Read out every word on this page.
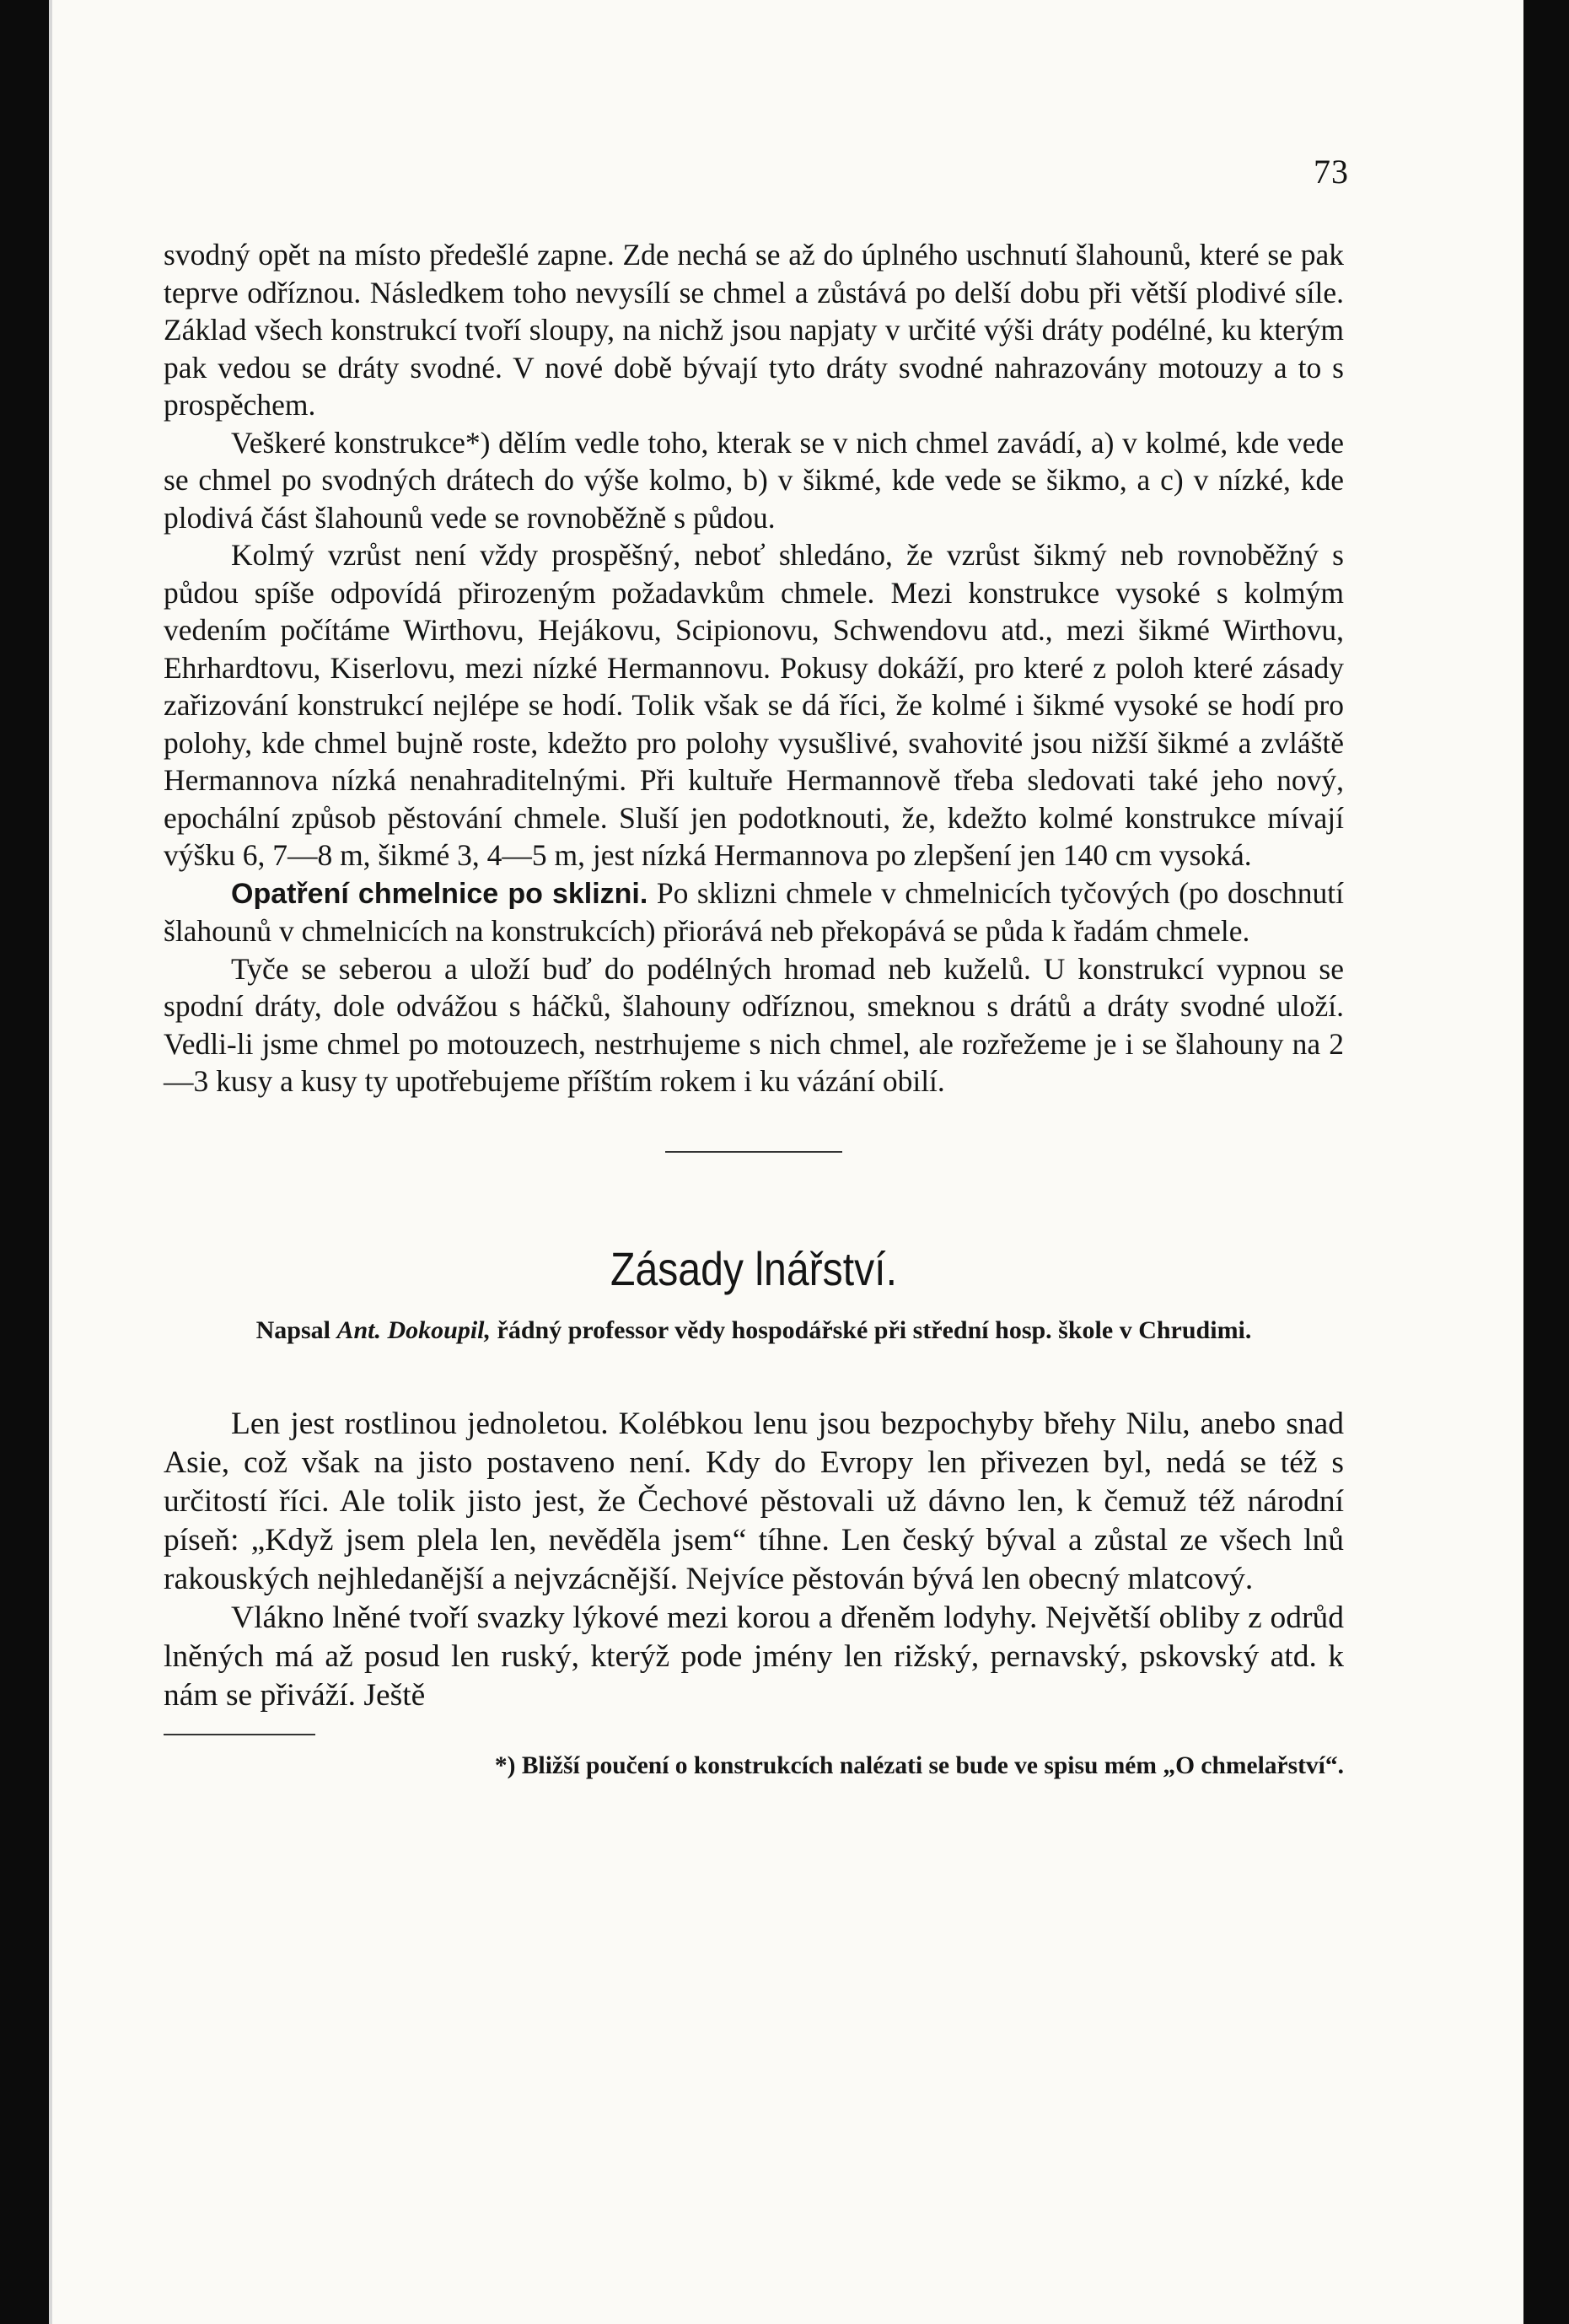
73

svodný opět na místo předešlé zapne. Zde nechá se až do úplného uschnutí šlahounů, které se pak teprve odříznou. Následkem toho nevysílí se chmel a zůstává po delší dobu při větší plodivé síle. Základ všech konstrukcí tvoří sloupy, na nichž jsou napjaty v určité výši dráty podélné, ku kterým pak vedou se dráty svodné. V nové době bývají tyto dráty svodné nahrazovány motouzy a to s prospěchem.

Veškeré konstrukce*) dělím vedle toho, kterak se v nich chmel zavádí, a) v kolmé, kde vede se chmel po svodných drátech do výše kolmo, b) v šikmé, kde vede se šikmo, a c) v nízké, kde plodivá část šlahounů vede se rovnoběžně s půdou.

Kolmý vzrůst není vždy prospěšný, neboť shledáno, že vzrůst šikmý neb rovnoběžný s půdou spíše odpovídá přirozeným požadavkům chmele. Mezi konstrukce vysoké s kolmým vedením počítáme Wirthovu, Hejákovu, Scipionovu, Schwendovu atd., mezi šikmé Wirthovu, Ehrhardtovu, Kiserlovu, mezi nízké Hermannovu. Pokusy dokáží, pro které z poloh které zásady zařizování konstrukcí nejlépe se hodí. Tolik však se dá říci, že kolmé i šikmé vysoké se hodí pro polohy, kde chmel bujně roste, kdežto pro polohy vysušlivé, svahovité jsou nižší šikmé a zvláště Hermannova nízká nenahraditelnými. Při kultuře Hermannově třeba sledovati také jeho nový, epochální způsob pěstování chmele. Sluší jen podotknouti, že, kdežto kolmé konstrukce mívají výšku 6, 7—8 m, šikmé 3, 4—5 m, jest nízká Hermannova po zlepšení jen 140 cm vysoká.

Opatření chmelnice po sklizni. Po sklizni chmele v chmelnicích tyčových (po doschnutí šlahounů v chmelnicích na konstrukcích) přiorává neb překopává se půda k řadám chmele.

Tyče se seberou a uloží buď do podélných hromad neb kuželů. U konstrukcí vypnou se spodní dráty, dole odvážou s háčků, šlahouny odříznou, smeknou s drátů a dráty svodné uloží. Vedli-li jsme chmel po motouzech, nestrhujeme s nich chmel, ale rozřežeme je i se šlahouny na 2—3 kusy a kusy ty upotřebujeme příštím rokem i ku vázání obilí.

Zásady lnářství.
Napsal Ant. Dokoupil, řádný professor vědy hospodářské při střední hosp. škole v Chrudimi.

Len jest rostlinou jednoletou. Kolébkou lenu jsou bezpochyby břehy Nilu, anebo snad Asie, což však na jisto postaveno není. Kdy do Evropy len přivezen byl, nedá se též s určitostí říci. Ale tolik jisto jest, že Čechové pěstovali už dávno len, k čemuž též národní píseň: „Když jsem plela len, nevěděla jsem“ tíhne. Len český býval a zůstal ze všech lnů rakouských nejhledanější a nejvzácnější. Nejvíce pěstován bývá len obecný mlatcový.

Vlákno lněné tvoří svazky lýkové mezi korou a dřeněm lodyhy. Největší obliby z odrůd lněných má až posud len ruský, kterýž pode jmény len rižský, pernavský, pskovský atd. k nám se přiváží. Ještě

*) Bližší poučení o konstrukcích nalézati se bude ve spisu mém „O chmelařství“.
